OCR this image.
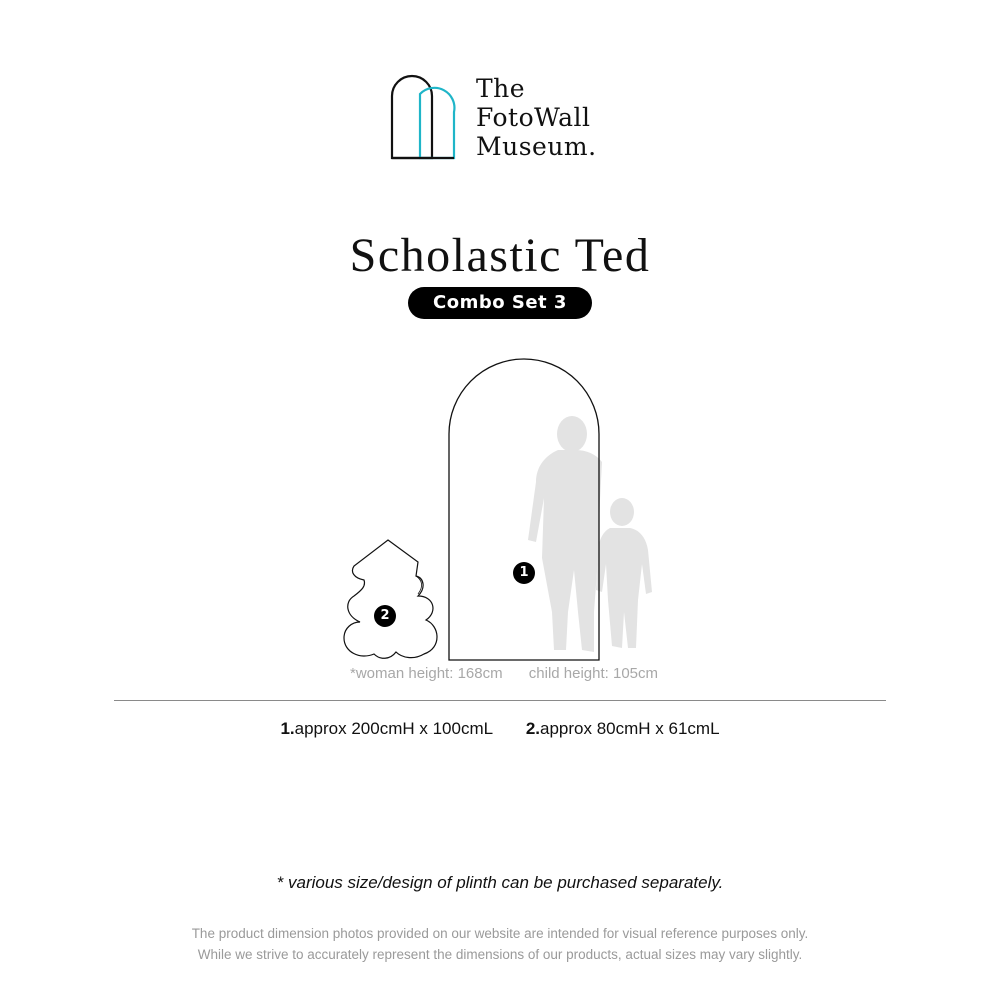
The
FotoWall
Museum.
Scholastic Ted
Combo Set 3
1
2
*woman height: 168cm child height: 105cm
1.approx 200cmH x 100cmL 2.approx 80cmH x 61cmL
* various size/design of plinth can be purchased separately.
The product dimension photos provided on our website are intended for visual reference purposes only.
While we strive to accurately represent the dimensions of our products, actual sizes may vary slightly.
